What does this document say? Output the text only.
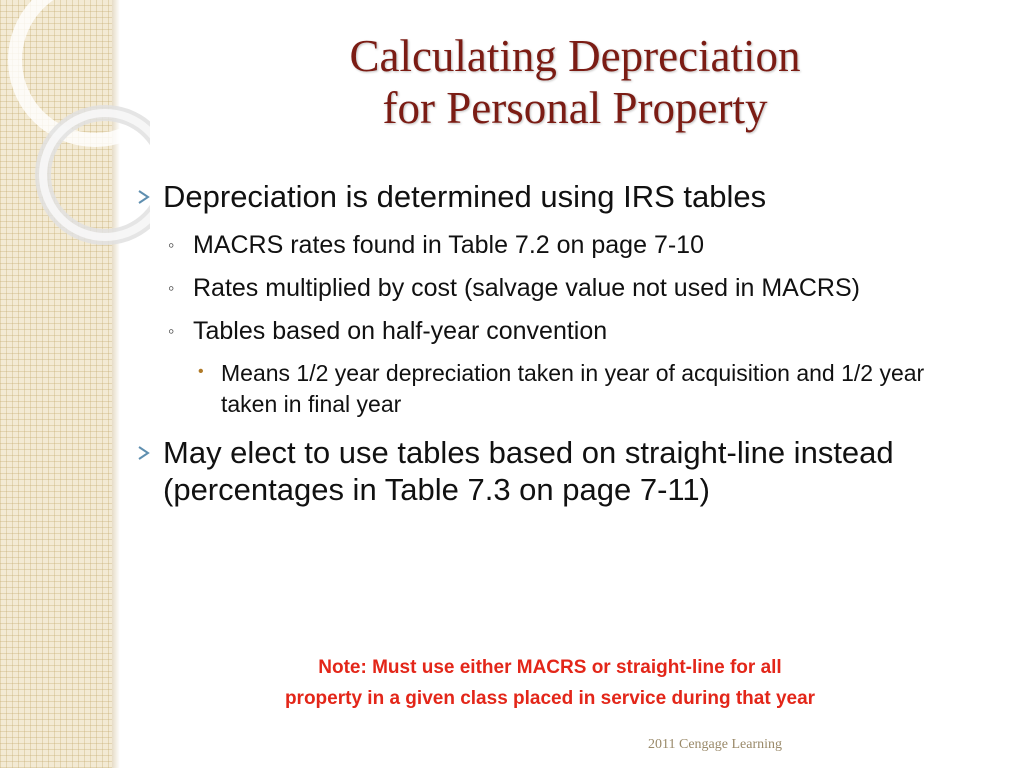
Calculating Depreciation
for Personal Property
Depreciation is determined using IRS tables
◦ MACRS rates found in Table 7.2 on page 7-10
◦ Rates multiplied by cost (salvage value not used in MACRS)
◦ Tables based on half-year convention
• Means 1/2 year depreciation taken in year of acquisition and 1/2 year taken in final year
May elect to use tables based on straight-line instead (percentages in Table 7.3 on page 7-11)
Note: Must use either MACRS or straight-line for all
property in a given class placed in service during that year
2011 Cengage Learning
